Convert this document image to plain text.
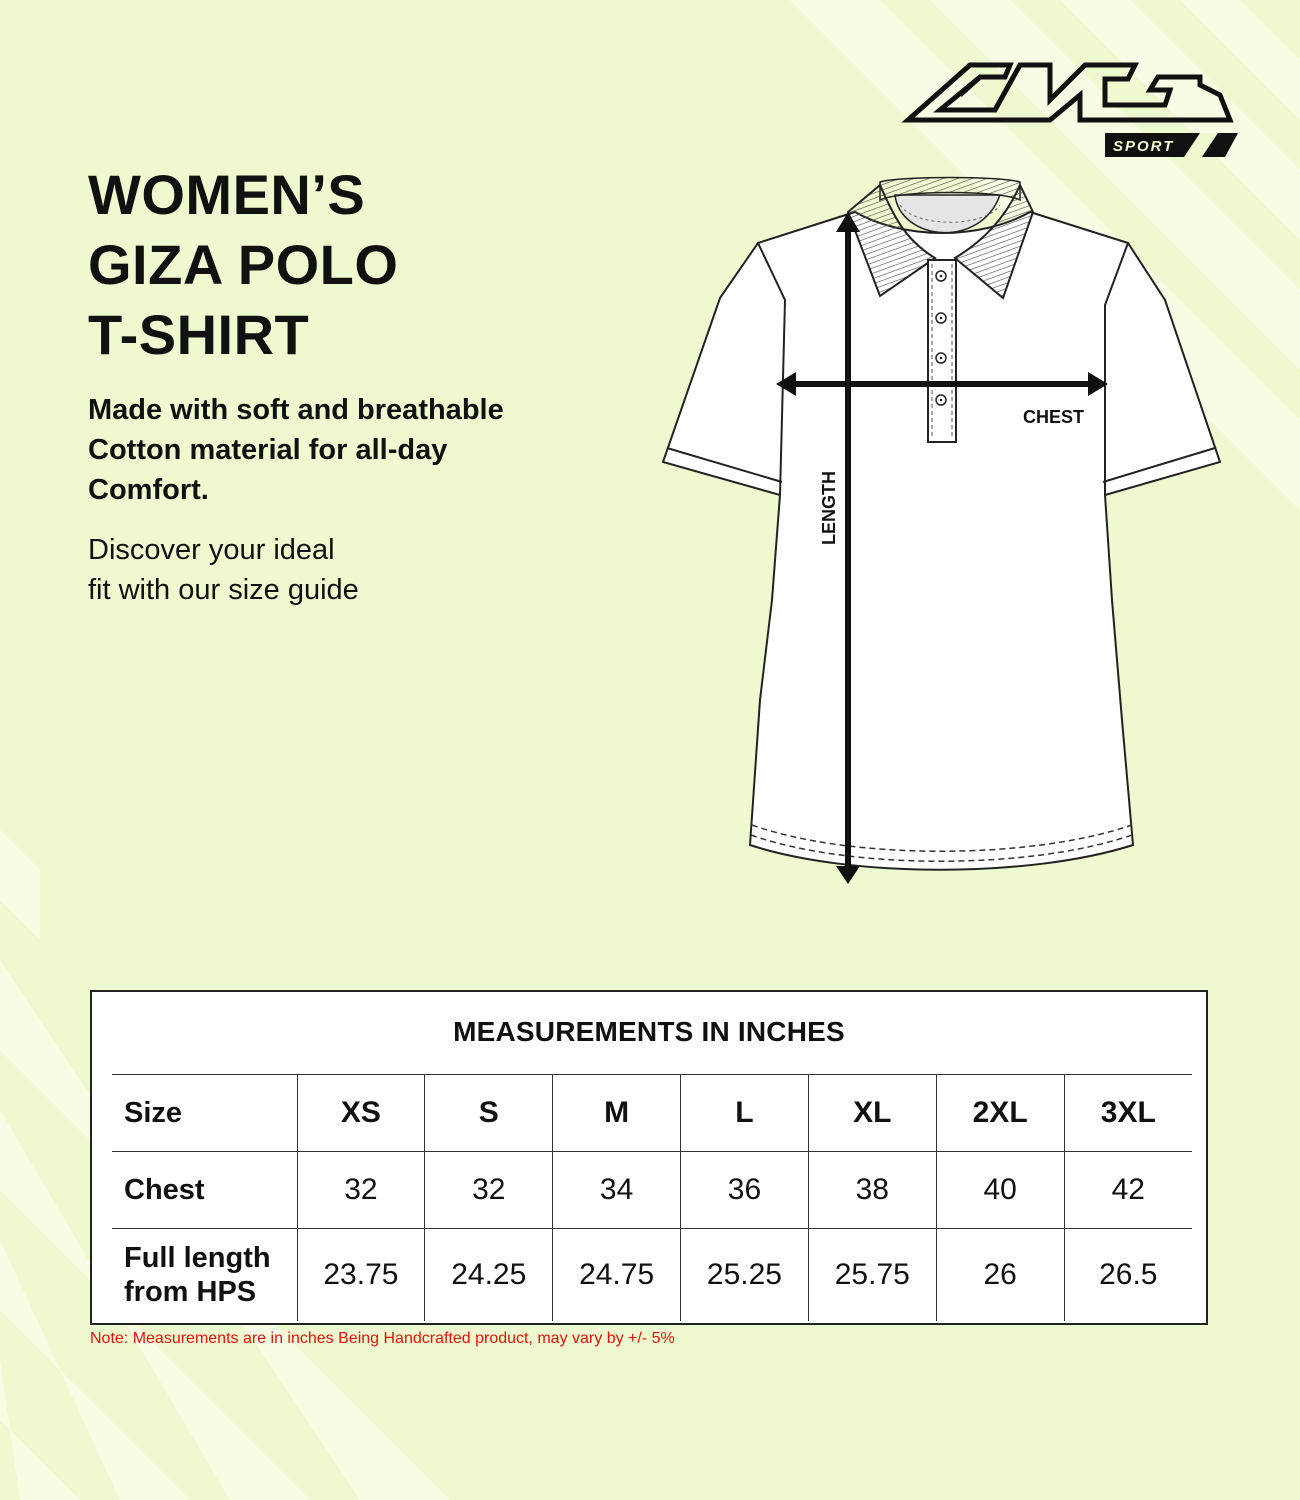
SPORT
WOMEN’S
GIZA POLO
T-SHIRT

Made with soft and breathable
Cotton material for all-day
Comfort.

Discover your ideal
fit with our size guide

CHEST
LENGTH
MEASUREMENTS IN INCHES
Size	XS	S	M	L	XL	2XL	3XL
Chest	32	32	34	36	38	40	42

Full length
from HPS	23.75	24.25	24.75	25.25	25.75	26	26.5
Note: Measurements are in inches Being Handcrafted product, may vary by +/- 5%
